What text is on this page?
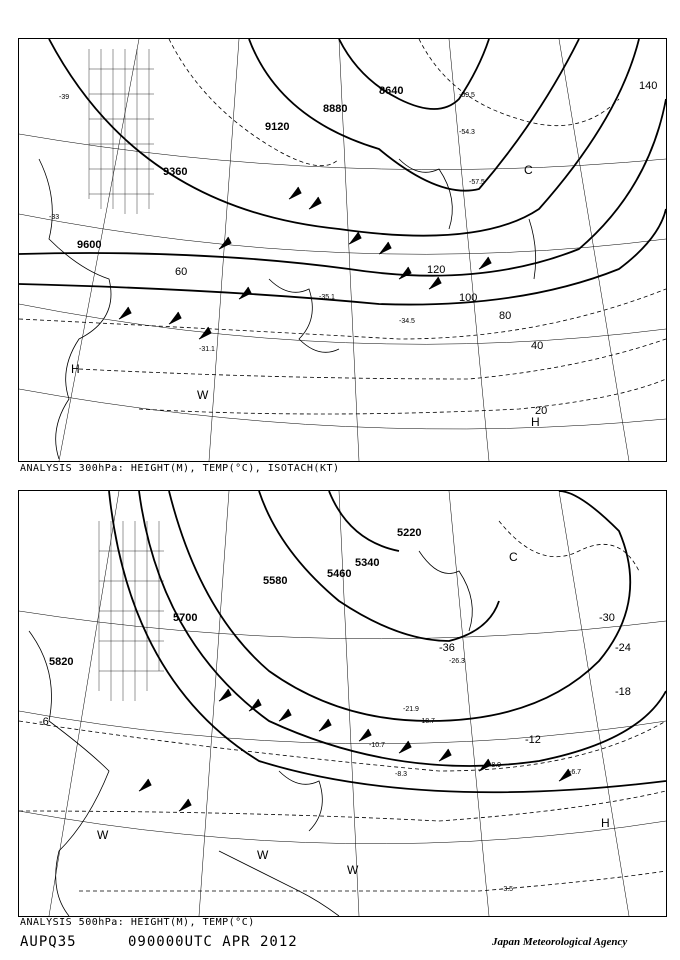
8640
8880
9120
9360
9600
20
40
60
80
100
120
140
-39
-33
-35.1
-31.1
-34.5
-54.3
-57.5
-59.5
C
H
W
H
ANALYSIS 300hPa: HEIGHT(M), TEMP(°C), ISOTACH(KT)
5220
5340
5460
5580
5700
5820
-36
-30
-24
-18
-12
-6
-26.3
-21.9
-18.7
-10.7
-8.9
-8.3	-6.7
-3.5
C
H
W
W
W
ANALYSIS 500hPa: HEIGHT(M), TEMP(°C)
AUPQ35	090000UTC APR 2012	Japan Meteorological Agency
